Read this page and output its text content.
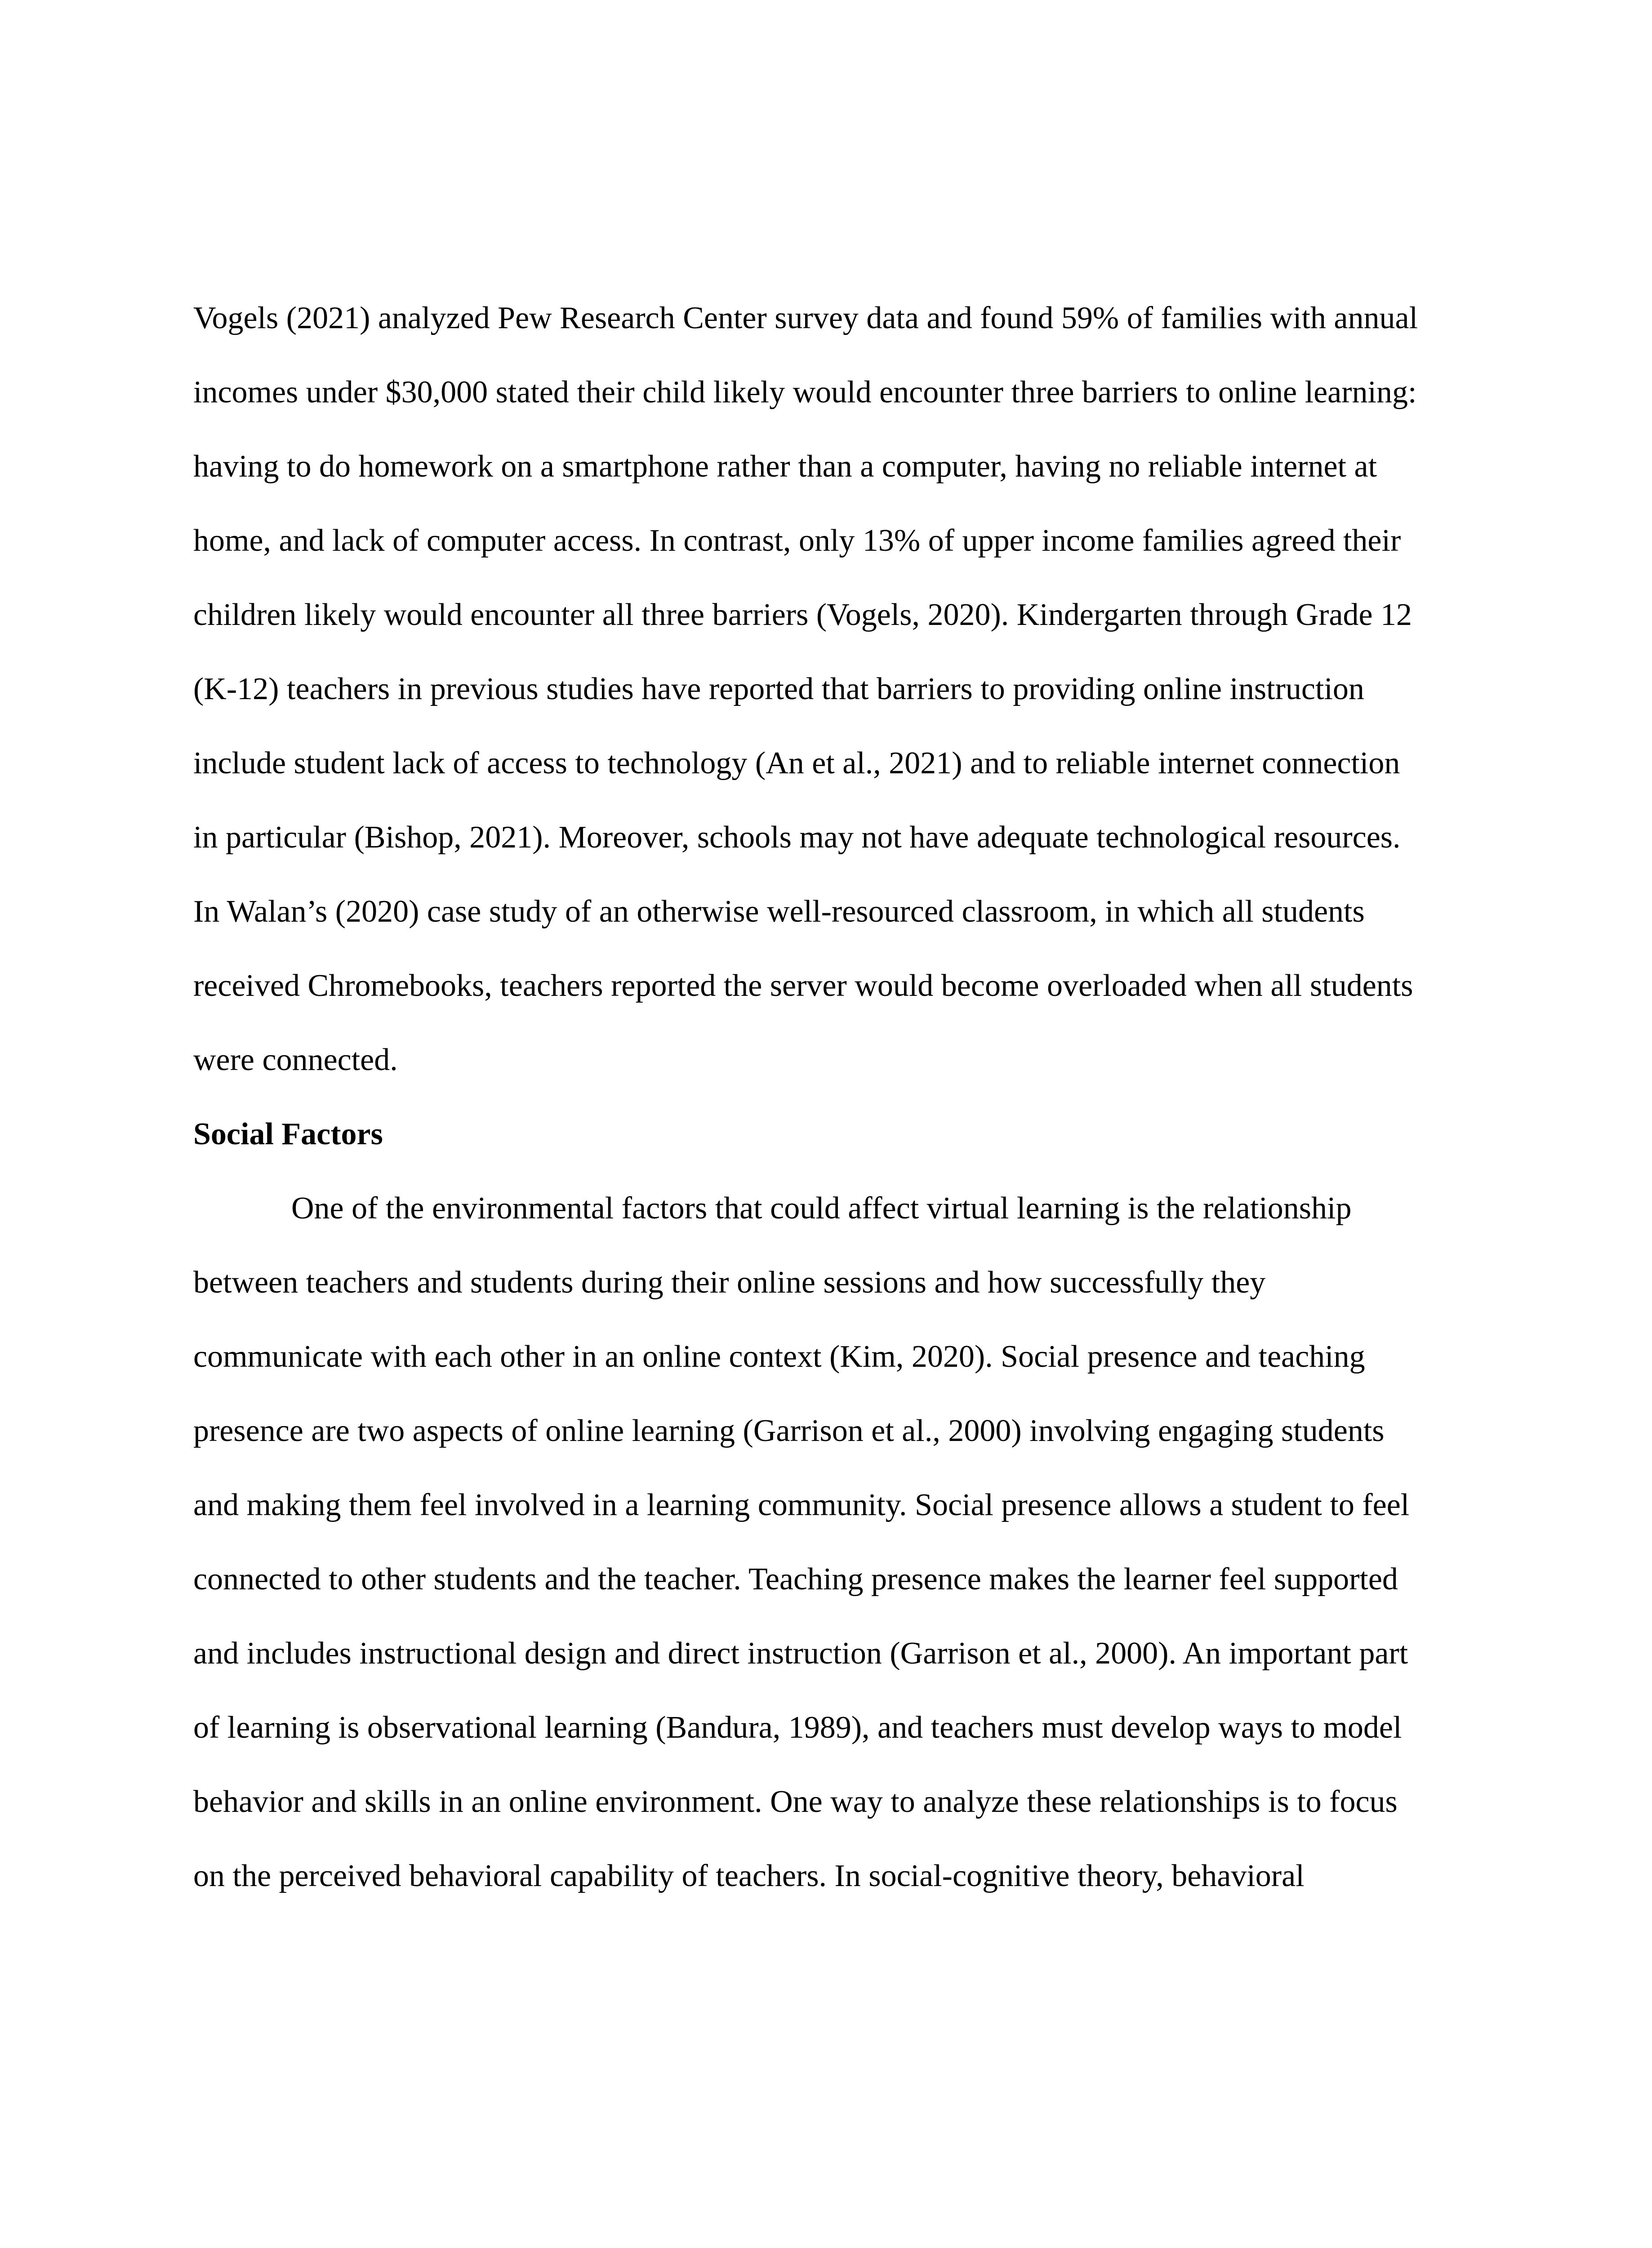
Vogels (2021) analyzed Pew Research Center survey data and found 59% of families with annual
incomes under $30,000 stated their child likely would encounter three barriers to online learning:
having to do homework on a smartphone rather than a computer, having no reliable internet at
home, and lack of computer access. In contrast, only 13% of upper income families agreed their
children likely would encounter all three barriers (Vogels, 2020). Kindergarten through Grade 12
(K-12) teachers in previous studies have reported that barriers to providing online instruction
include student lack of access to technology (An et al., 2021) and to reliable internet connection
in particular (Bishop, 2021). Moreover, schools may not have adequate technological resources.
In Walan’s (2020) case study of an otherwise well-resourced classroom, in which all students
received Chromebooks, teachers reported the server would become overloaded when all students
were connected.
Social Factors
One of the environmental factors that could affect virtual learning is the relationship
between teachers and students during their online sessions and how successfully they
communicate with each other in an online context (Kim, 2020). Social presence and teaching
presence are two aspects of online learning (Garrison et al., 2000) involving engaging students
and making them feel involved in a learning community. Social presence allows a student to feel
connected to other students and the teacher. Teaching presence makes the learner feel supported
and includes instructional design and direct instruction (Garrison et al., 2000). An important part
of learning is observational learning (Bandura, 1989), and teachers must develop ways to model
behavior and skills in an online environment. One way to analyze these relationships is to focus
on the perceived behavioral capability of teachers. In social-cognitive theory, behavioral
